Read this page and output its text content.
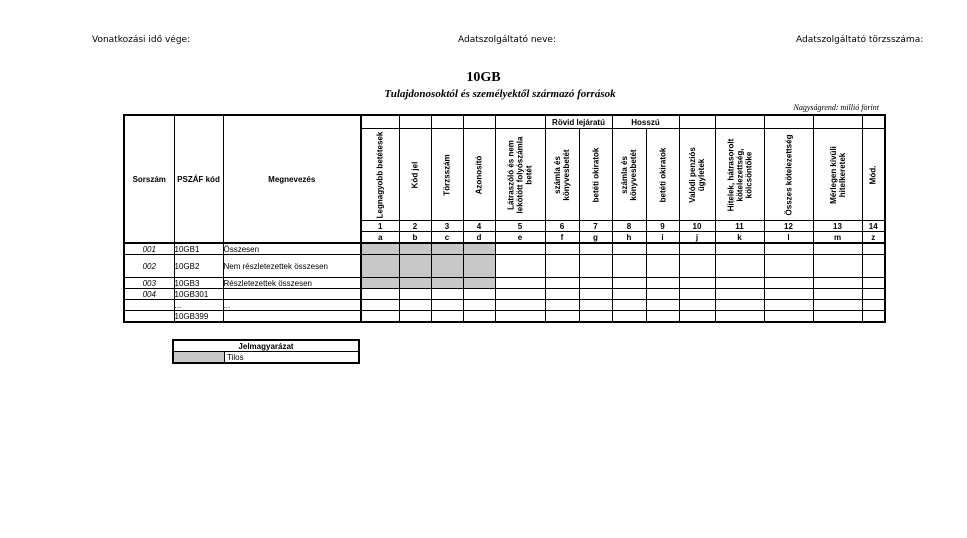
Vonatkozási idő vége:	Adatszolgáltató neve:	Adatszolgáltató törzsszáma:
10GB
Tulajdonosoktól és személyektől származó források
Nagyságrend: millió forint
Sorszám	PSZÁF kód	Megnevezés						Rövid lejáratú		Hosszú						

			Legnagyobb betétesek	Kód jel	Törzsszám	Azonosító	Látraszóló és nem lekötött folyószámla betét	számla és könyvesbetét	betéti okiratok	számla és könyvesbetét	betéti okiratok	Valódi penziós ügyletek	Hitelek, hátrasorolt kötelezettség, kölcsöntőke	Összes kötelezettség	Mérlegen kívüli hitelkeretek	Mód.

			1	2	3	4	5	6	7	8	9	10	11	12	13	14
			a	b	c	d	e	f	g	h	i	j	k	l	m	z
001	10GB1	Összesen														
002	10GB2	Nem részletezettek összesen														
003	10GB3	Részletezettek összesen														
004	10GB301															
	...	...														
	10GB399															
Jelmagyarázat
	Tilos
